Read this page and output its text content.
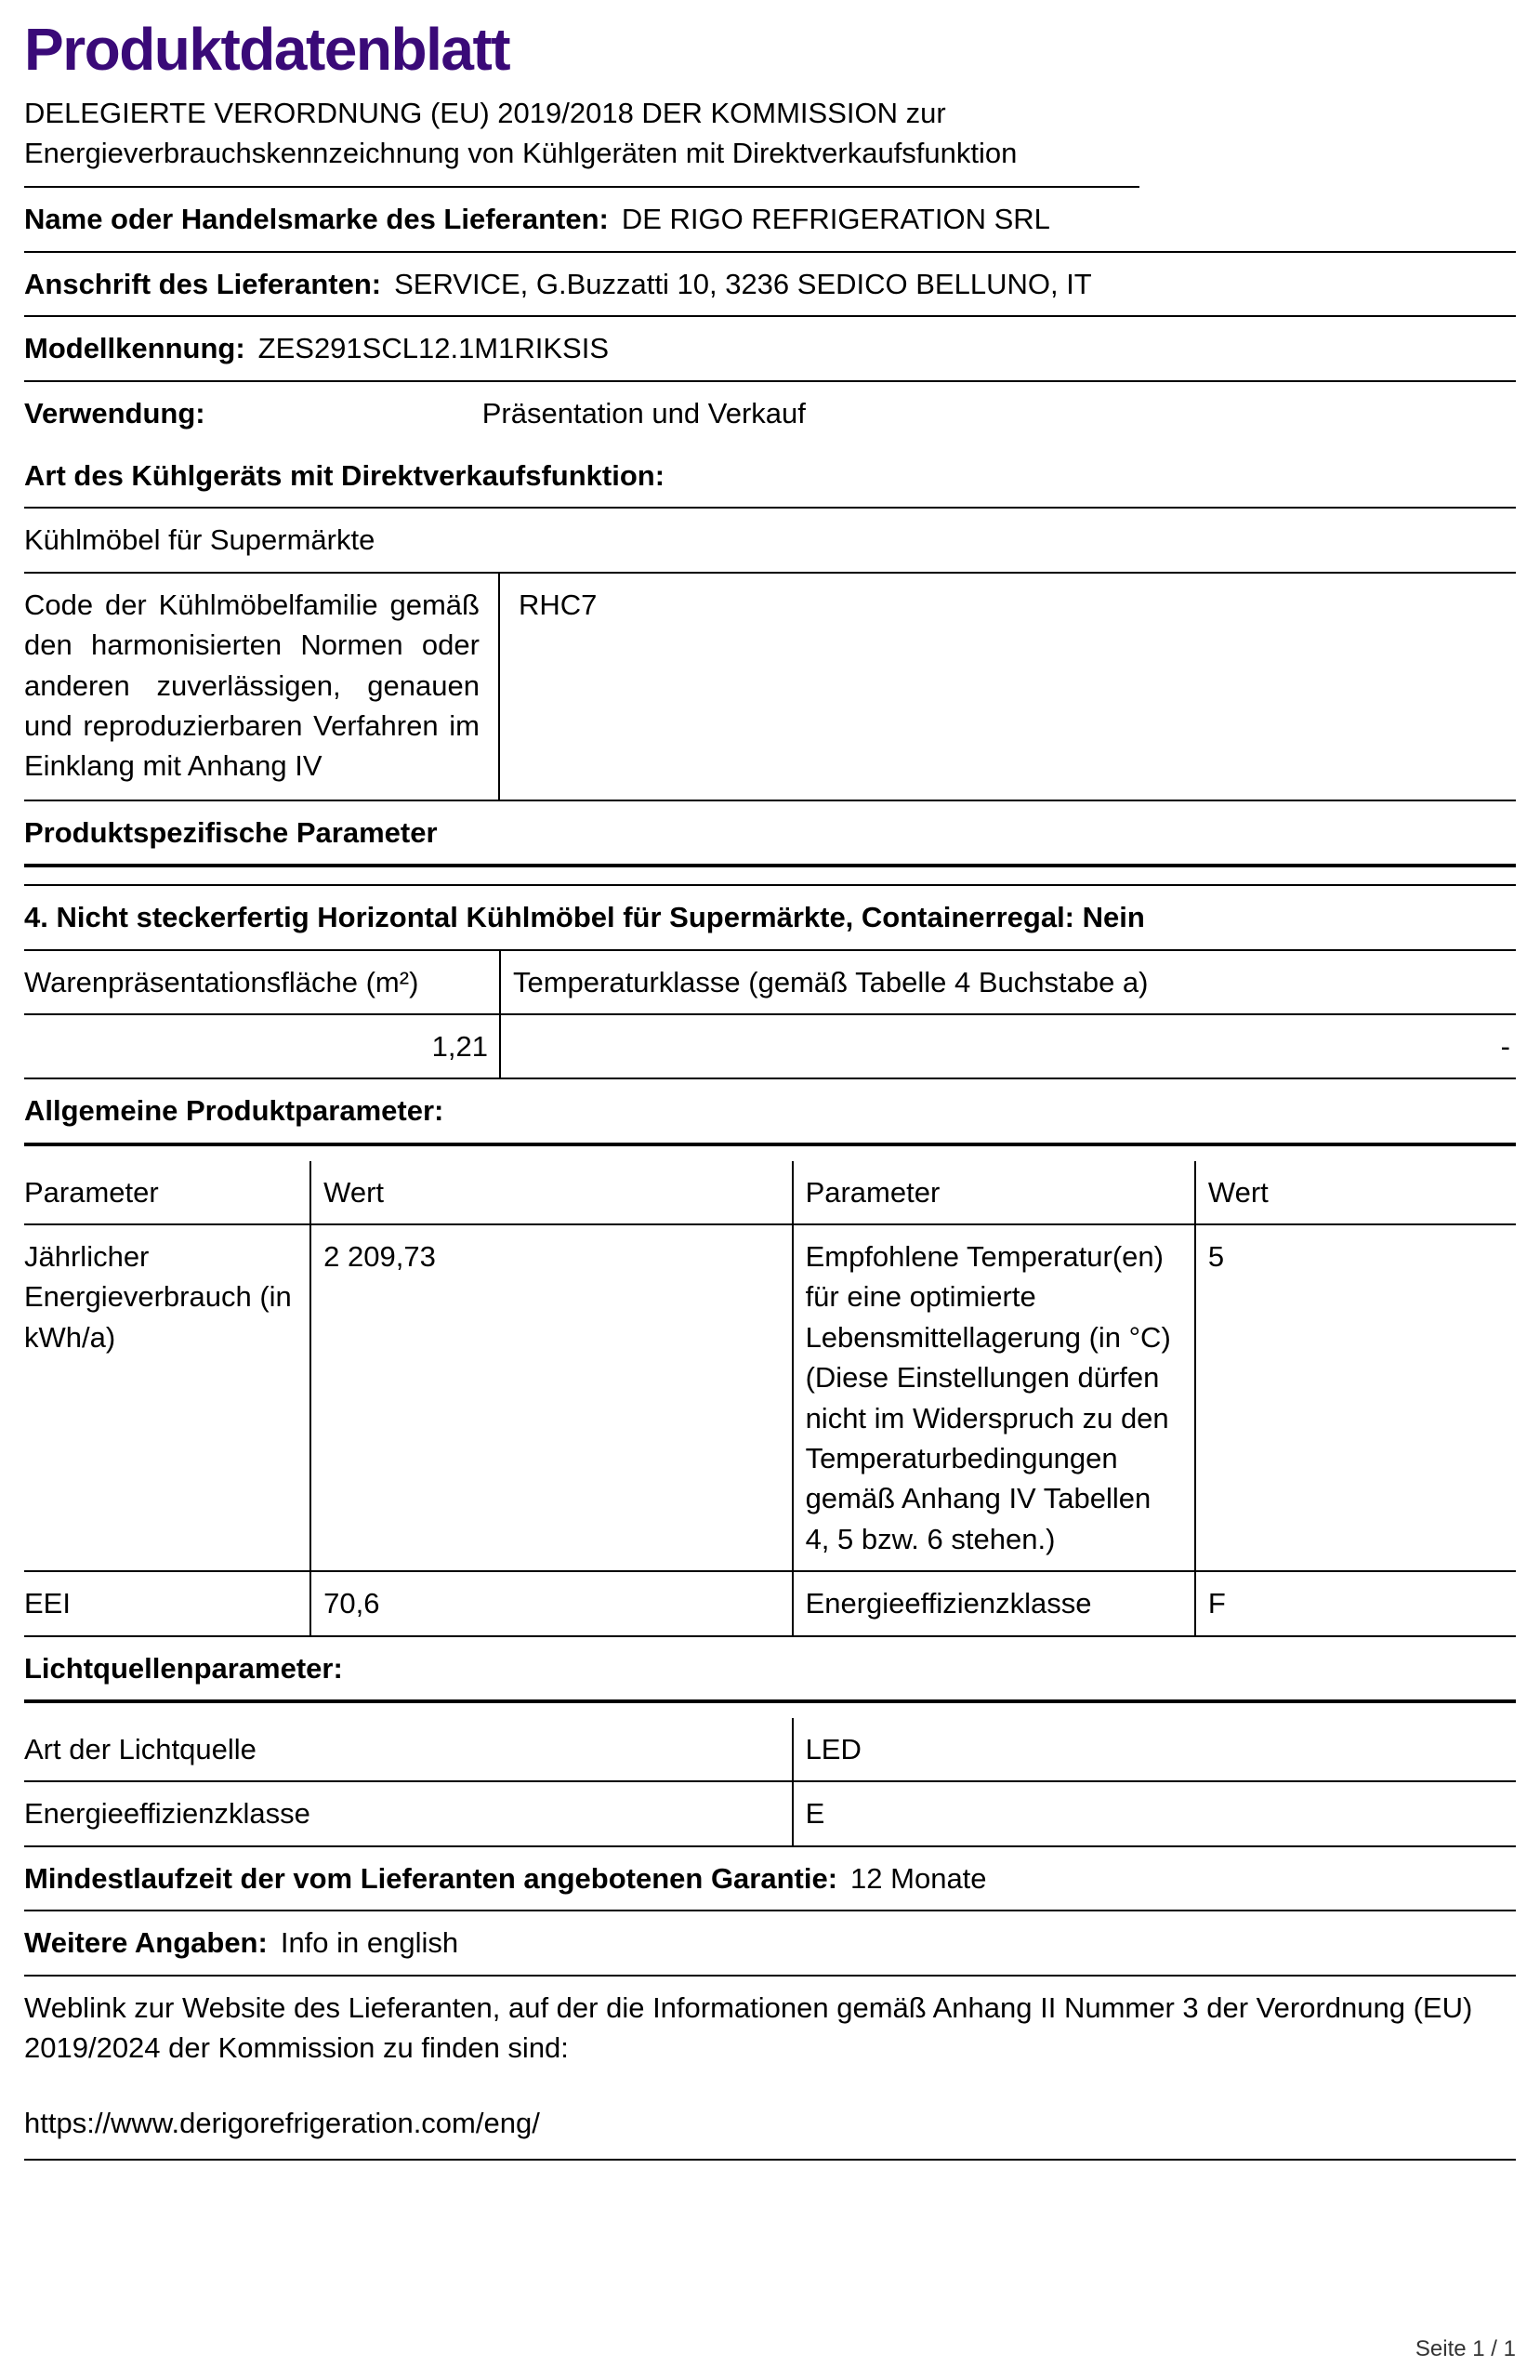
Produktdatenblatt

DELEGIERTE VERORDNUNG (EU) 2019/2018 DER KOMMISSION zur Energieverbrauchskennzeichnung von Kühlgeräten mit Direktverkaufsfunktion

Name oder Handelsmarke des Lieferanten: DE RIGO REFRIGERATION SRL
Anschrift des Lieferanten: SERVICE, G.Buzzatti 10, 3236 SEDICO BELLUNO, IT
Modellkennung: ZES291SCL12.1M1RIKSIS
Verwendung:	Präsentation und Verkauf
Art des Kühlgeräts mit Direktverkaufsfunktion:
Kühlmöbel für Supermärkte
Code der Kühlmöbelfamilie gemäß den harmonisierten Normen oder anderen zuverlässigen, genauen und reproduzierbaren Verfahren im Einklang mit Anhang IV
RHC7
Produktspezifische Parameter
4. Nicht steckerfertig Horizontal Kühlmöbel für Supermärkte, Containerregal: Nein
Warenpräsentationsfläche (m²)	Temperaturklasse (gemäß Tabelle 4 Buchstabe a)
1,21	-
Allgemeine Produktparameter:
Parameter	Wert	Parameter	Wert
Jährlicher Energieverbrauch (in kWh/a)	2 209,73	Empfohlene Temperatur(en) für eine optimierte Lebensmittellagerung (in °C) (Diese Einstellungen dürfen nicht im Widerspruch zu den Temperaturbedingungen gemäß Anhang IV Tabellen 4, 5 bzw. 6 stehen.)	5
EEI	70,6	Energieeffizienzklasse	F
Lichtquellenparameter:
Art der Lichtquelle	LED
Energieeffizienzklasse	E
Mindestlaufzeit der vom Lieferanten angebotenen Garantie: 12 Monate
Weitere Angaben: Info in english
Weblink zur Website des Lieferanten, auf der die Informationen gemäß Anhang II Nummer 3 der Verordnung (EU) 2019/2024 der Kommission zu finden sind:
https://www.derigorefrigeration.com/eng/
Seite 1 / 1
